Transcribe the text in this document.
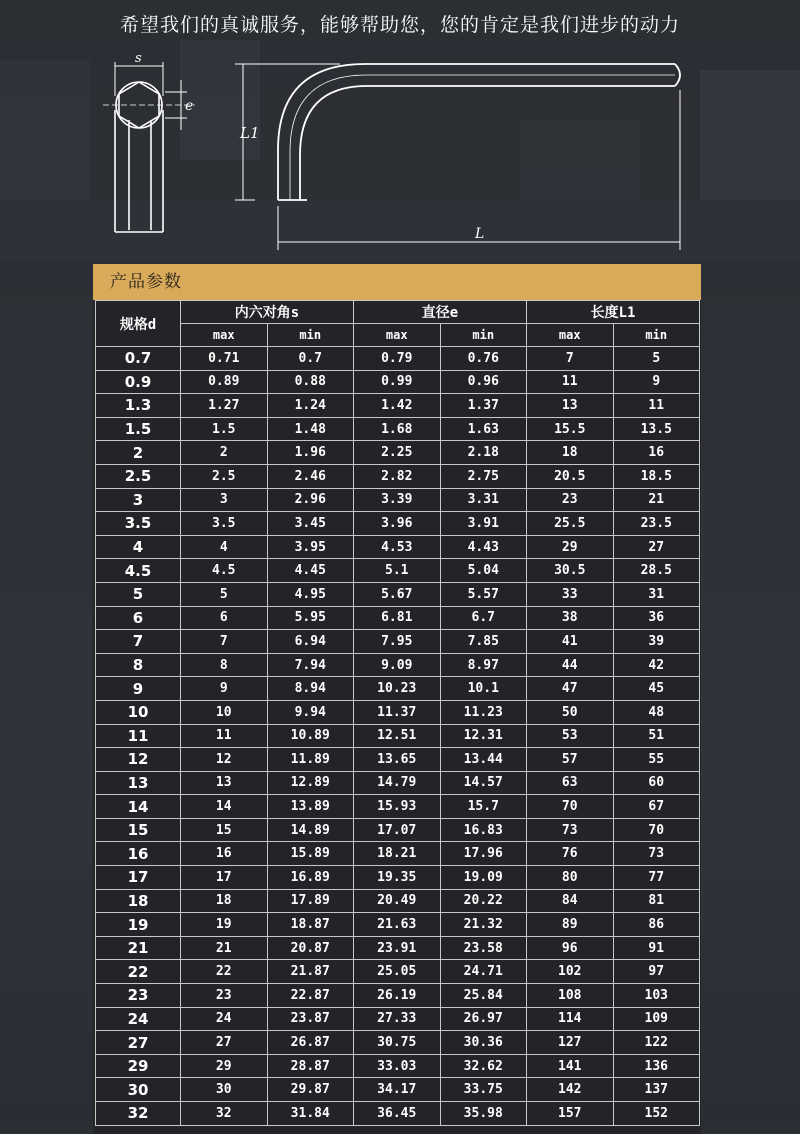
希望我们的真诚服务，能够帮助您，您的肯定是我们进步的动力
s
e
L1
L
产品参数
规格d	内六对角s		直径e		长度L1	
	max	min	max	min	max	min
0.7	0.71	0.7	0.79	0.76	7	5
0.9	0.89	0.88	0.99	0.96	11	9
1.3	1.27	1.24	1.42	1.37	13	11
1.5	1.5	1.48	1.68	1.63	15.5	13.5
2	2	1.96	2.25	2.18	18	16
2.5	2.5	2.46	2.82	2.75	20.5	18.5
3	3	2.96	3.39	3.31	23	21
3.5	3.5	3.45	3.96	3.91	25.5	23.5
4	4	3.95	4.53	4.43	29	27
4.5	4.5	4.45	5.1	5.04	30.5	28.5
5	5	4.95	5.67	5.57	33	31
6	6	5.95	6.81	6.7	38	36
7	7	6.94	7.95	7.85	41	39
8	8	7.94	9.09	8.97	44	42
9	9	8.94	10.23	10.1	47	45
10	10	9.94	11.37	11.23	50	48
11	11	10.89	12.51	12.31	53	51
12	12	11.89	13.65	13.44	57	55
13	13	12.89	14.79	14.57	63	60
14	14	13.89	15.93	15.7	70	67
15	15	14.89	17.07	16.83	73	70
16	16	15.89	18.21	17.96	76	73
17	17	16.89	19.35	19.09	80	77
18	18	17.89	20.49	20.22	84	81
19	19	18.87	21.63	21.32	89	86
21	21	20.87	23.91	23.58	96	91
22	22	21.87	25.05	24.71	102	97
23	23	22.87	26.19	25.84	108	103
24	24	23.87	27.33	26.97	114	109
27	27	26.87	30.75	30.36	127	122
29	29	28.87	33.03	32.62	141	136
30	30	29.87	34.17	33.75	142	137
32	32	31.84	36.45	35.98	157	152
